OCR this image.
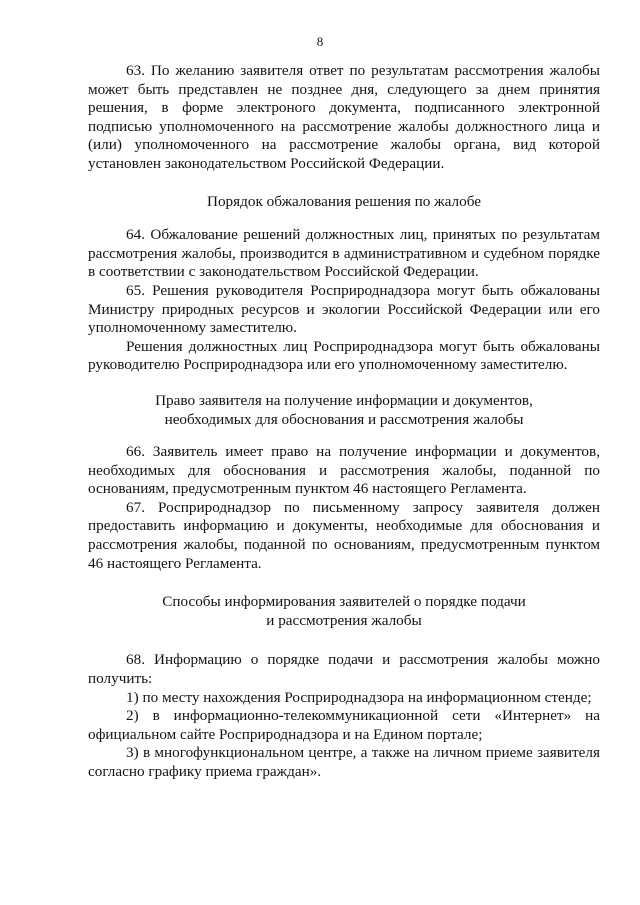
8

63. По желанию заявителя ответ по результатам рассмотрения жалобы может быть представлен не позднее дня, следующего за днем принятия решения, в форме электроного документа, подписанного электронной подписью уполномоченного на рассмотрение жалобы должностного лица и (или) уполномоченного на рассмотрение жалобы органа, вид которой установлен законодательством Российской Федерации.

Порядок обжалования решения по жалобе

64. Обжалование решений должностных лиц, принятых по результатам рассмотрения жалобы, производится в административном и судебном порядке в соответствии с законодательством Российской Федерации.

65. Решения руководителя Росприроднадзора могут быть обжалованы Министру природных ресурсов и экологии Российской Федерации или его уполномоченному заместителю.

Решения должностных лиц Росприроднадзора могут быть обжалованы руководителю Росприроднадзора или его уполномоченному заместителю.

Право заявителя на получение информации и документов,
необходимых для обоснования и рассмотрения жалобы

66. Заявитель имеет право на получение информации и документов, необходимых для обоснования и рассмотрения жалобы, поданной по основаниям, предусмотренным пунктом 46 настоящего Регламента.

67. Росприроднадзор по письменному запросу заявителя должен предоставить информацию и документы, необходимые для обоснования и рассмотрения жалобы, поданной по основаниям, предусмотренным пунктом 46 настоящего Регламента.

Способы информирования заявителей о порядке подачи
и рассмотрения жалобы

68. Информацию о порядке подачи и рассмотрения жалобы можно получить:

1) по месту нахождения Росприроднадзора на информационном стенде;

2) в информационно-телекоммуникационной сети «Интернет» на официальном сайте Росприроднадзора и на Едином портале;

3) в многофункциональном центре, а также на личном приеме заявителя согласно графику приема граждан».
